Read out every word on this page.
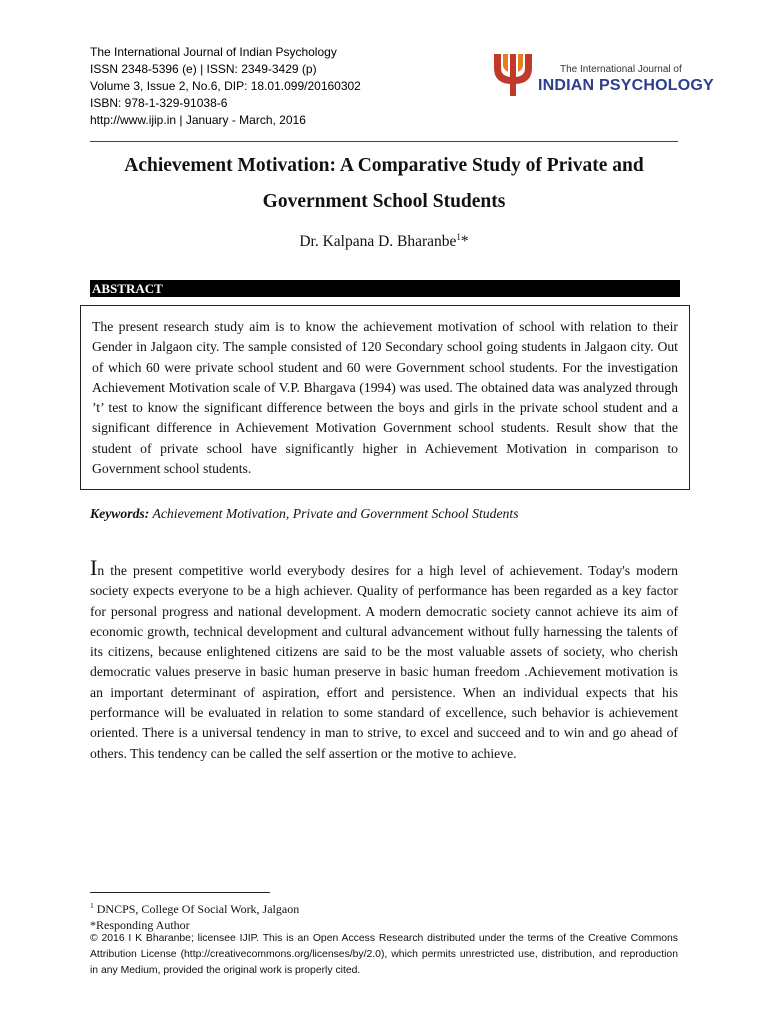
The International Journal of Indian Psychology
ISSN 2348-5396 (e) | ISSN: 2349-3429 (p)
Volume 3, Issue 2, No.6, DIP: 18.01.099/20160302
ISBN: 978-1-329-91038-6
http://www.ijip.in | January - March, 2016
The International Journal of
INDIAN PSYCHOLOGY
Achievement Motivation: A Comparative Study of Private and Government School Students
Dr. Kalpana D. Bharanbe$^1$*
ABSTRACT
The present research study aim is to know the achievement motivation of school with relation to their Gender in Jalgaon city. The sample consisted of 120 Secondary school going students in Jalgaon city. Out of which 60 were private school student and 60 were Government school students. For the investigation Achievement Motivation scale of V.P. Bhargava (1994) was used. The obtained data was analyzed through ’t’ test to know the significant difference between the boys and girls in the private school student and a significant difference in Achievement Motivation Government school students. Result show that the student of private school have significantly higher in Achievement Motivation in comparison to Government school students.
Keywords: Achievement Motivation, Private and Government School Students
In the present competitive world everybody desires for a high level of achievement. Today's modern society expects everyone to be a high achiever. Quality of performance has been regarded as a key factor for personal progress and national development. A modern democratic society cannot achieve its aim of economic growth, technical development and cultural advancement without fully harnessing the talents of its citizens, because enlightened citizens are said to be the most valuable assets of society, who cherish democratic values preserve in basic human preserve in basic human freedom .Achievement motivation is an important determinant of aspiration, effort and persistence. When an individual expects that his performance will be evaluated in relation to some standard of excellence, such behavior is achievement oriented. There is a universal tendency in man to strive, to excel and succeed and to win and go ahead of others. This tendency can be called the self assertion or the motive to achieve.
$^1$ DNCPS, College Of Social Work, Jalgaon
*Responding Author
© 2016 I K Bharanbe; licensee IJIP. This is an Open Access Research distributed under the terms of the Creative Commons Attribution License (http://creativecommons.org/licenses/by/2.0), which permits unrestricted use, distribution, and reproduction in any Medium, provided the original work is properly cited.
